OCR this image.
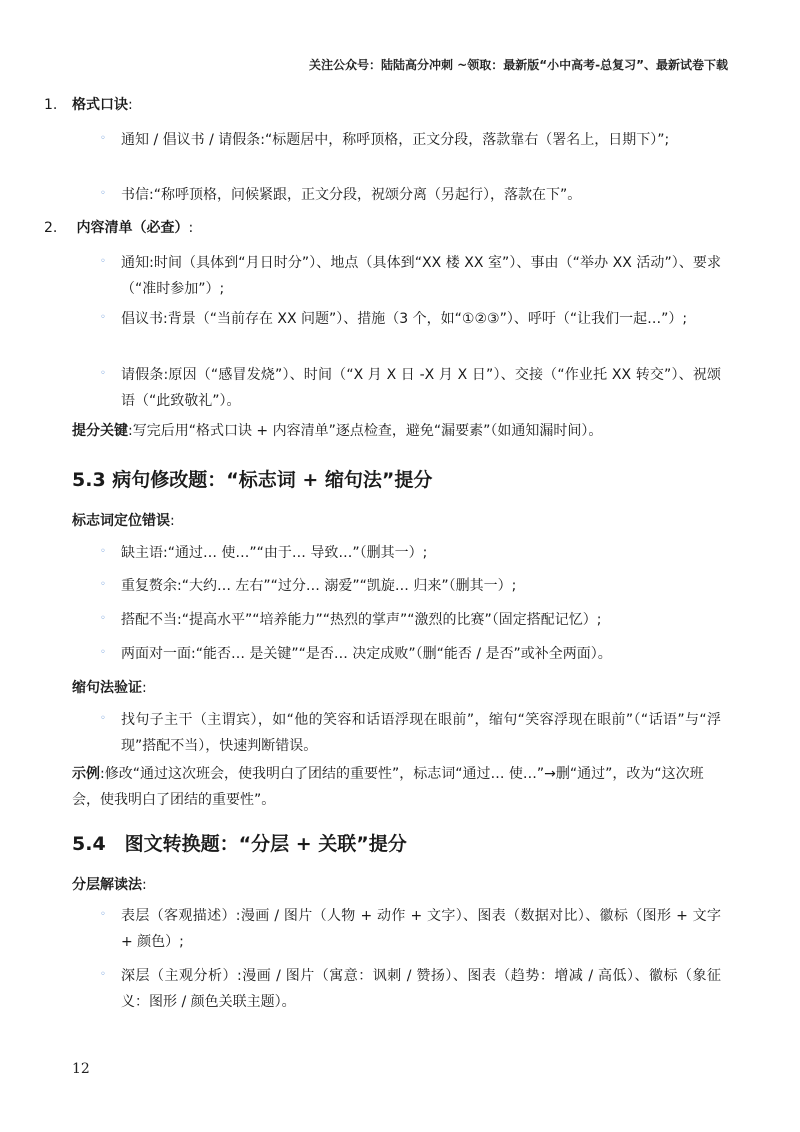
关注公众号：陆陆高分冲刺 ~领取：最新版“小中高考-总复习”、最新试卷下载
1. 格式口诀:
◦	通知 / 倡议书 / 请假条:“标题居中，称呼顶格，正文分段，落款靠右（署名上，日期下）”;
◦	书信:“称呼顶格，问候紧跟，正文分段，祝颂分离（另起行），落款在下”。
2. 内容清单（必查）:
◦	通知:时间（具体到“月日时分”）、地点（具体到“XX 楼 XX 室”）、事由（“举办 XX 活动”）、要求（“准时参加”）;
◦	倡议书:背景（“当前存在 XX 问题”）、措施（3 个，如“①②③”）、呼吁（“让我们一起…”）;
◦	请假条:原因（“感冒发烧”）、时间（“X 月 X 日 -X 月 X 日”）、交接（“作业托 XX 转交”）、祝颂语（“此致敬礼”）。
提分关键:写完后用“格式口诀 + 内容清单”逐点检查，避免“漏要素”（如通知漏时间）。
5.3 病句修改题：“标志词 + 缩句法”提分
标志词定位错误:
◦	缺主语:“通过… 使…”“由于… 导致…”（删其一）;
◦	重复赘余:“大约… 左右”“过分… 溺爱”“凯旋… 归来”（删其一）;
◦	搭配不当:“提高水平”“培养能力”“热烈的掌声”“激烈的比赛”（固定搭配记忆）;
◦	两面对一面:“能否… 是关键”“是否… 决定成败”（删“能否 / 是否”或补全两面）。
缩句法验证:
◦	找句子主干（主谓宾），如“他的笑容和话语浮现在眼前”，缩句“笑容浮现在眼前”（“话语”与“浮现”搭配不当），快速判断错误。
示例:修改“通过这次班会，使我明白了团结的重要性”，标志词“通过… 使…”→删“通过”，改为“这次班会，使我明白了团结的重要性”。
5.4　图文转换题：“分层 + 关联”提分
分层解读法:
◦	表层（客观描述）:漫画 / 图片（人物 + 动作 + 文字）、图表（数据对比）、徽标（图形 + 文字 + 颜色）;
◦	深层（主观分析）:漫画 / 图片（寓意：讽刺 / 赞扬）、图表（趋势：增减 / 高低）、徽标（象征义：图形 / 颜色关联主题）。
12
